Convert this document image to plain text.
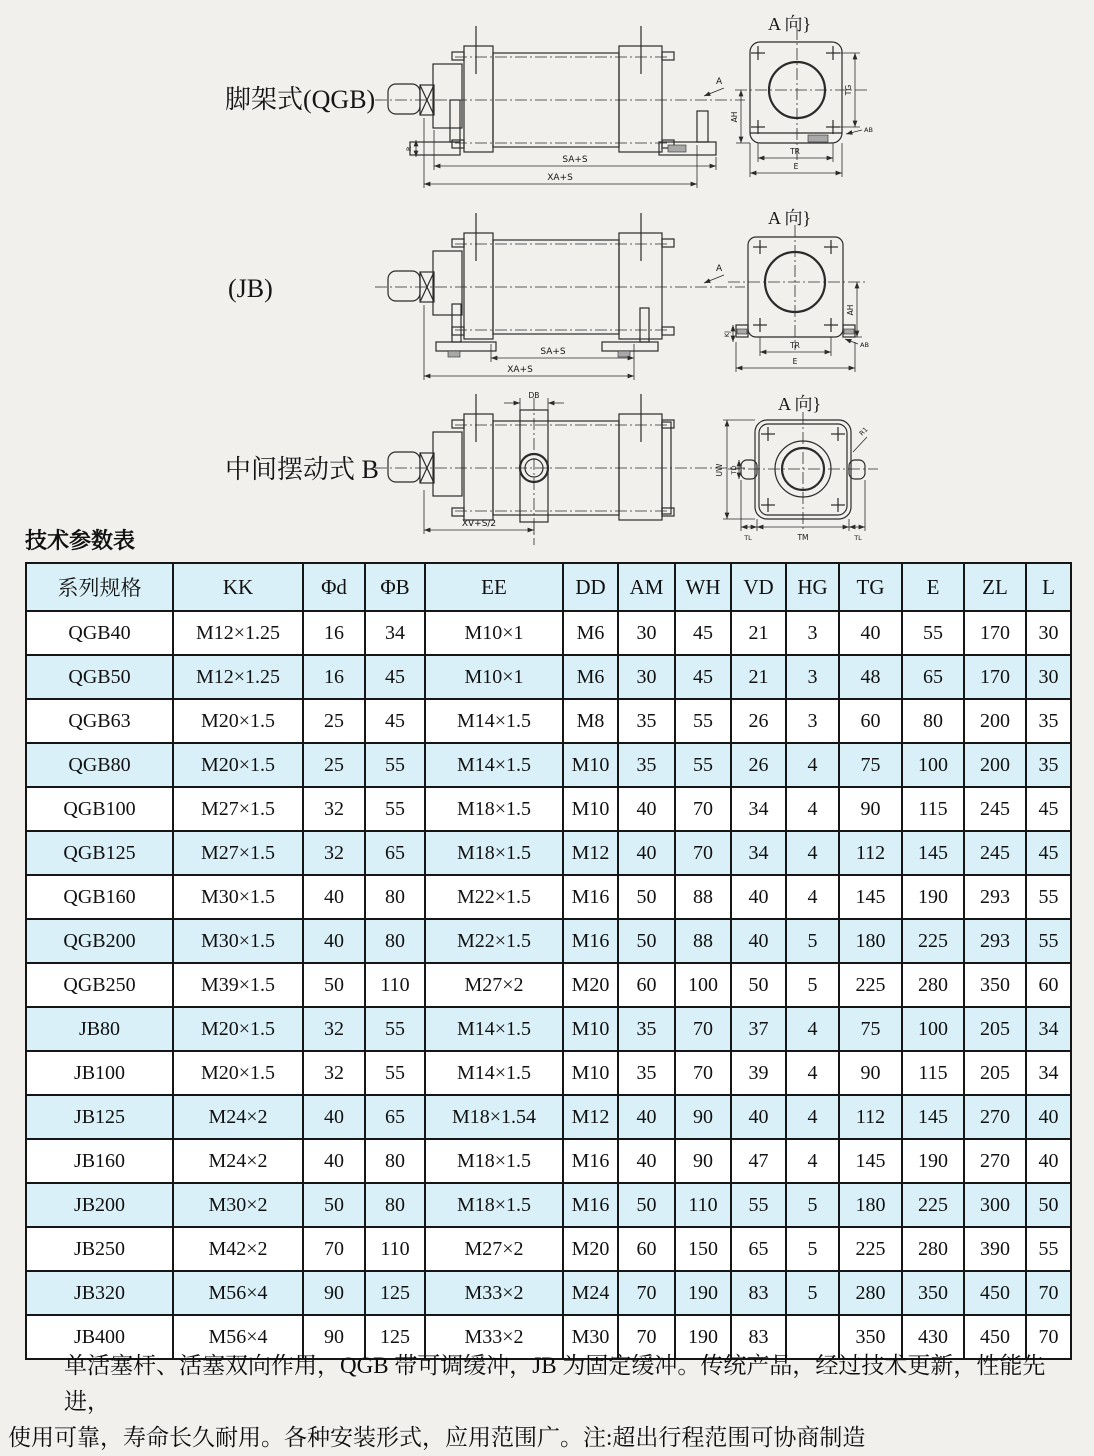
脚架式(QGB)
SA+S
XA+S
R
A
A 向}
TG
AH
AB
TR
E
(JB)
SA+S
XA+S
A
A 向}
AH
AB
KJ
TR
E
中间摆动式 B
DB
XV+S/2
A 向}
UW TD
R1
TL	TM	TL
技术参数表
系列规格	KK	Φd	ΦB	EE	DD	AM	WH	VD	HG	TG	E	ZL	L
QGB40	M12×1.25	16	34	M10×1	M6	30	45	21	3	40	55	170	30
QGB50	M12×1.25	16	45	M10×1	M6	30	45	21	3	48	65	170	30
QGB63	M20×1.5	25	45	M14×1.5	M8	35	55	26	3	60	80	200	35
QGB80	M20×1.5	25	55	M14×1.5	M10	35	55	26	4	75	100	200	35
QGB100	M27×1.5	32	55	M18×1.5	M10	40	70	34	4	90	115	245	45
QGB125	M27×1.5	32	65	M18×1.5	M12	40	70	34	4	112	145	245	45
QGB160	M30×1.5	40	80	M22×1.5	M16	50	88	40	4	145	190	293	55
QGB200	M30×1.5	40	80	M22×1.5	M16	50	88	40	5	180	225	293	55
QGB250	M39×1.5	50	110	M27×2	M20	60	100	50	5	225	280	350	60
JB80	M20×1.5	32	55	M14×1.5	M10	35	70	37	4	75	100	205	34
JB100	M20×1.5	32	55	M14×1.5	M10	35	70	39	4	90	115	205	34
JB125	M24×2	40	65	M18×1.54	M12	40	90	40	4	112	145	270	40
JB160	M24×2	40	80	M18×1.5	M16	40	90	47	4	145	190	270	40
JB200	M30×2	50	80	M18×1.5	M16	50	110	55	5	180	225	300	50
JB250	M42×2	70	110	M27×2	M20	60	150	65	5	225	280	390	55
JB320	M56×4	90	125	M33×2	M24	70	190	83	5	280	350	450	70
JB400	M56×4	90	125	M33×2	M30	70	190	83		350	430	450	70
单活塞杆、活塞双向作用，QGB 带可调缓冲，JB 为固定缓冲。传统产品，经过技术更新，性能先进，
使用可靠，寿命长久耐用。各种安装形式，应用范围广。注:超出行程范围可协商制造
